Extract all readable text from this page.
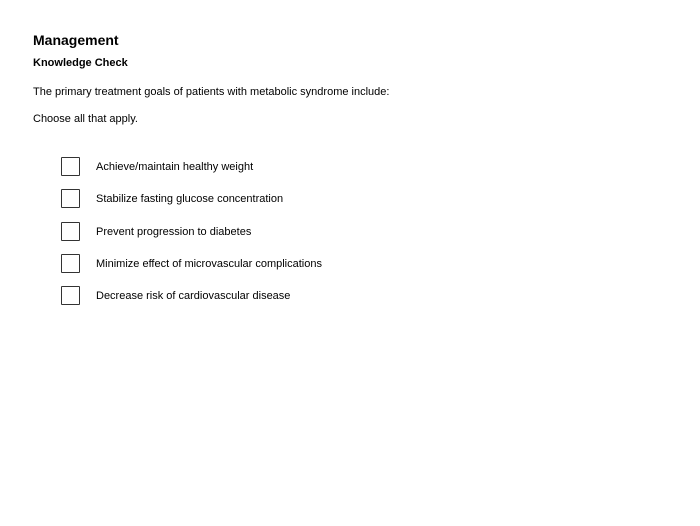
Management
Knowledge Check
The primary treatment goals of patients with metabolic syndrome include:
Choose all that apply.
Achieve/maintain healthy weight
Stabilize fasting glucose concentration
Prevent progression to diabetes
Minimize effect of microvascular complications
Decrease risk of cardiovascular disease
